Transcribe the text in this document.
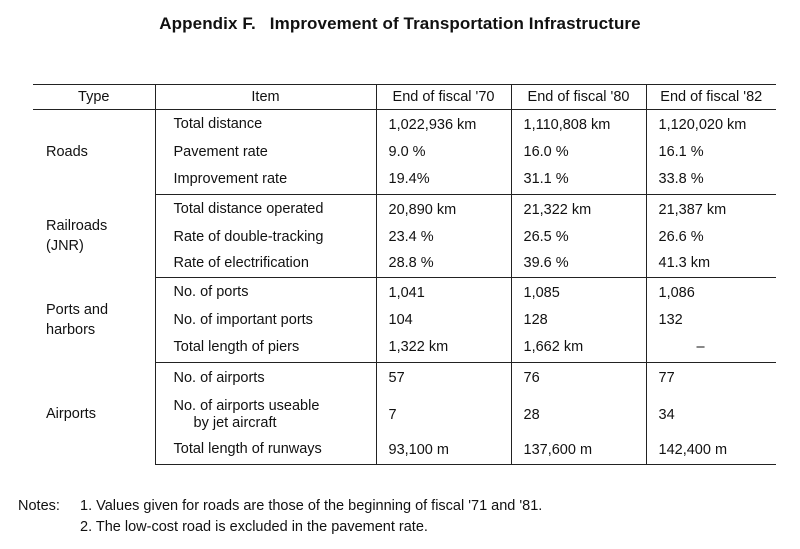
Appendix F. Improvement of Transportation Infrastructure
Type	Item	End of fiscal '70	End of fiscal '80	End of fiscal '82
Roads	Total distance	1,022,936 km	1,110,808 km	1,120,020 km
	Pavement rate	9.0 %	16.0 %	16.1 %
	Improvement rate	19.4%	31.1 %	33.8 %

Railroads
(JNR)	Total distance operated	20,890 km	21,322 km	21,387 km
	Rate of double-tracking	23.4 %	26.5 %	26.6 %
	Rate of electrification	28.8 %	39.6 %	41.3 km

Ports and
harbors	No. of ports	1,041	1,085	1,086
	No. of important ports	104	128	132
	Total length of piers	1,322 km	1,662 km	–
Airports	No. of airports	57	76	77
	No. of airports useable
by jet aircraft	7	28	34
	Total length of runways	93,100 m	137,600 m	142,400 m
Notes: 1. Values given for roads are those of the beginning of fiscal '71 and '81.
2. The low-cost road is excluded in the pavement rate.
